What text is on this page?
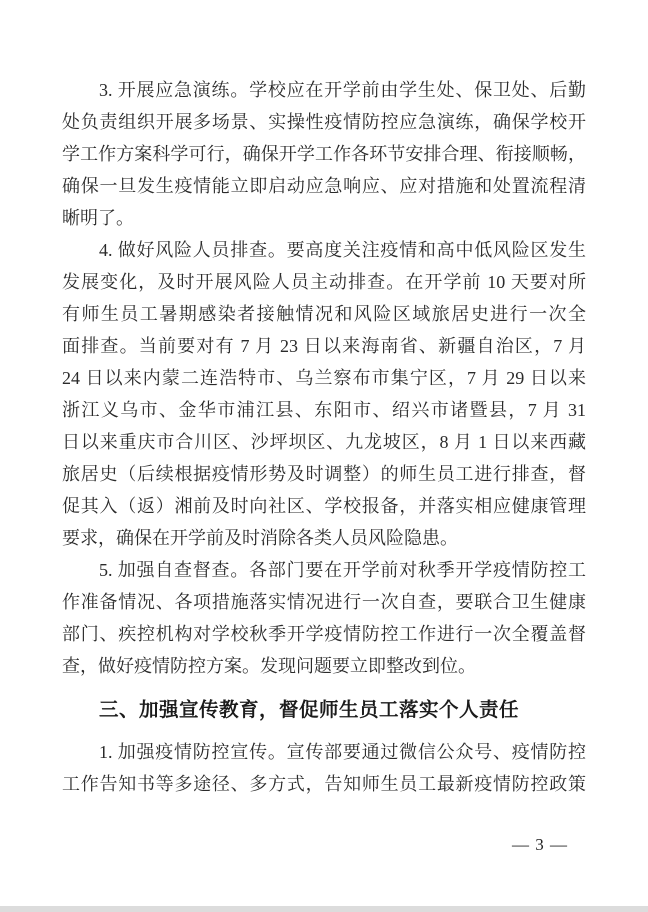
3. 开展应急演练。学校应在开学前由学生处、保卫处、后勤
处负责组织开展多场景、实操性疫情防控应急演练，确保学校开
学工作方案科学可行，确保开学工作各环节安排合理、衔接顺畅，
确保一旦发生疫情能立即启动应急响应、应对措施和处置流程清
晰明了。
4. 做好风险人员排查。要高度关注疫情和高中低风险区发生
发展变化，及时开展风险人员主动排查。在开学前 10 天要对所
有师生员工暑期感染者接触情况和风险区域旅居史进行一次全
面排查。当前要对有 7 月 23 日以来海南省、新疆自治区，7 月
24 日以来内蒙二连浩特市、乌兰察布市集宁区，7 月 29 日以来
浙江义乌市、金华市浦江县、东阳市、绍兴市诸暨县，7 月 31
日以来重庆市合川区、沙坪坝区、九龙坡区，8 月 1 日以来西藏
旅居史（后续根据疫情形势及时调整）的师生员工进行排查，督
促其入（返）湘前及时向社区、学校报备，并落实相应健康管理
要求，确保在开学前及时消除各类人员风险隐患。
5. 加强自查督查。各部门要在开学前对秋季开学疫情防控工
作准备情况、各项措施落实情况进行一次自查，要联合卫生健康
部门、疾控机构对学校秋季开学疫情防控工作进行一次全覆盖督
查，做好疫情防控方案。发现问题要立即整改到位。
三、加强宣传教育，督促师生员工落实个人责任
1. 加强疫情防控宣传。宣传部要通过微信公众号、疫情防控
工作告知书等多途径、多方式，告知师生员工最新疫情防控政策
— 3 —
